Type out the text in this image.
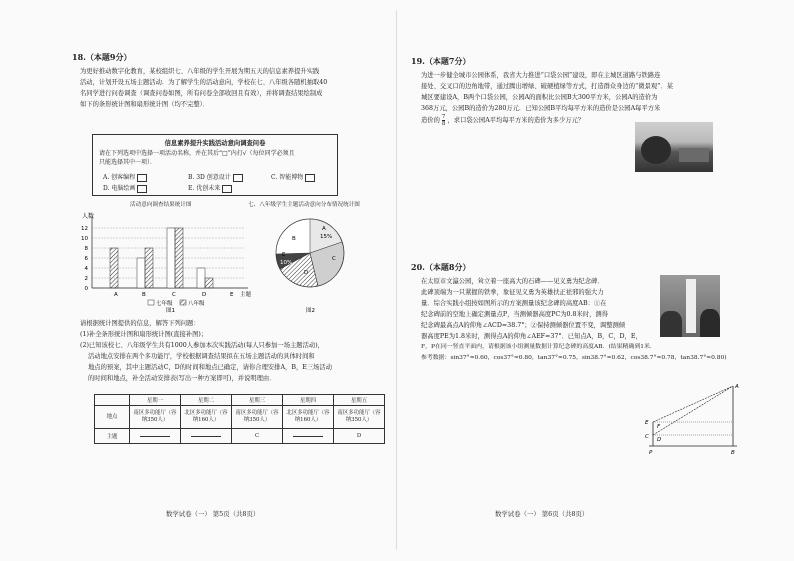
18.（本题9分）
为更好推动数字化教育，某校组织七、八年级的学生开展为期五天的信息素养提升实践
活动，计划开设五场主题活动．为了解学生的活动意向，学校在七、八年级各随机抽取40
名同学进行问卷调查（调查问卷如图，所有问卷全部收回且有效），并将调查结果绘制成
如下的条形统计图和扇形统计图（均不完整）．
信息素养提升实践活动意向调查问卷
请在下列选项中选择一项活动名称，并在其后“□”内打√（每位同学必须且
只能选择其中一项）．
A. 创客编程	B. 3D 创意设计	C. 智能博物
D. 电脑绘画	E. 优创未来
活动意向调查结果统计图	七、八年级学生主题活动意向分布情况统计图
人数
12
10
8
6
4
2
0
A	B	C	D	E 主题
七年级	八年级
图1
A
15%
B
C
D
10%
E
图2
请根据统计图提供的信息，解答下列问题：
(1)补全条形统计图和扇形统计图(直接补图)；
(2)已知该校七、八年级学生共有1000人参加本次实践活动(每人只参加一场主题活动)，
活动地点安排在两个多功能厅，学校根据调查结果拟在五场主题活动的具体时间和
地点的预案，其中主题活动C，D的时间和地点已确定，请你合理安排A，B，E三场活动
的时间和地点，补全活动安排表(写出一种方案即可)，并说明理由．
	星期一	星期二	星期三	星期四	星期五
地点	南区多功能厅（容纳350人）	北区多功能厅（容纳160人）	南区多功能厅（容纳350人）	北区多功能厅（容纳160人）	南区多功能厅（容纳350人）
主题			C		D
数学试卷（一） 第5页（共8页）
19.（本题7分）
为进一步健全城市公园体系，我省大力推进“口袋公园”建设，即在主城区道路与铁路连
接处、交叉口的边角地带，通过腾出增绿、破硬植绿等方式，打造群众身边的“微景观”．某
城区要建设A，B两个口袋公园，公园A的面积比公园B大300平方米，公园A的造价为
368万元，公园B的造价为280万元．已知公园B平均每平方米的造价是公园A每平方米
造价的 $\frac{7}{8}$ ，求口袋公园A平均每平方米的造价为多少万元？
20.（本题8分）
在太原市文瀛公园，耸立着一座高大的石碑——见义勇为纪念碑．
此碑顶端为一只紧握的铁拳，象征见义勇为英雄扶正祛邪的强大力
量．综合实践小组按如图所示的方案测量该纪念碑的高度AB：①在
纪念碑前的空地上确定测量点P，当测倾器高度PC为0.8米时，测得
纪念碑最高点A的仰角∠ACD=38.7°；②保持测倾器位置不变，调整测倾
器高度PE为1.8米时，测得点A的仰角∠AEF=37°．已知点A，B，C，D，E，
F，P在同一竖直平面内，请根据该小组测量数据计算纪念碑的高度AB．(结果精确到1米．
参考数据：sin37°≈0.60，cos37°≈0.80，tan37°≈0.75，sin38.7°≈0.62，cos38.7°≈0.78，tan38.7°≈0.80)
A
E
F
C D
P	B
数学试卷（一） 第6页（共8页）
